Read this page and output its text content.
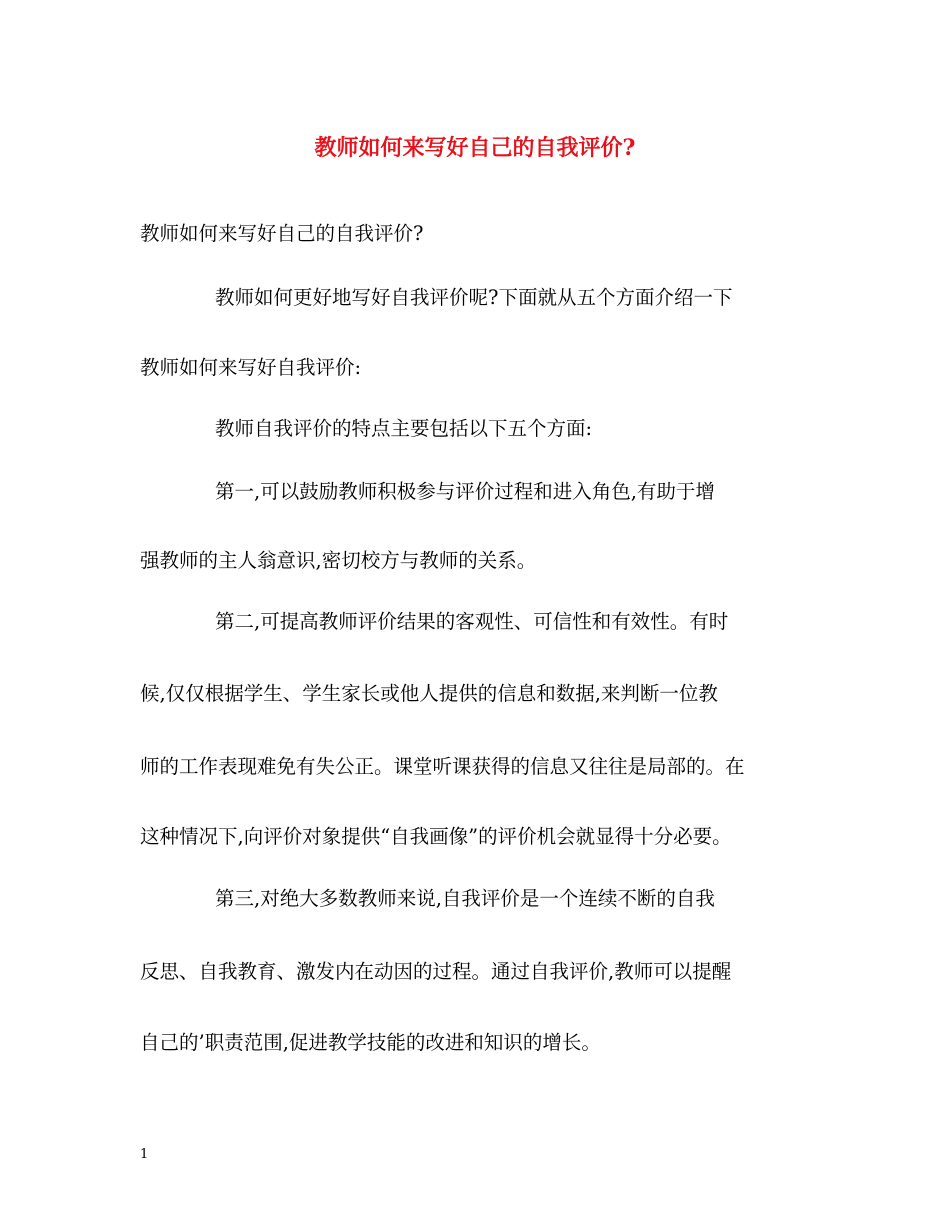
教师如何来写好自己的自我评价?
教师如何来写好自己的自我评价?
教师如何更好地写好自我评价呢?下面就从五个方面介绍一下
教师如何来写好自我评价:
教师自我评价的特点主要包括以下五个方面:
第一,可以鼓励教师积极参与评价过程和进入角色,有助于增
强教师的主人翁意识,密切校方与教师的关系。
第二,可提高教师评价结果的客观性、可信性和有效性。有时
候,仅仅根据学生、学生家长或他人提供的信息和数据,来判断一位教
师的工作表现难免有失公正。课堂听课获得的信息又往往是局部的。在
这种情况下,向评价对象提供“自我画像”的评价机会就显得十分必要。
第三,对绝大多数教师来说,自我评价是一个连续不断的自我
反思、自我教育、激发内在动因的过程。通过自我评价,教师可以提醒
自己的’职责范围,促进教学技能的改进和知识的增长。
1
